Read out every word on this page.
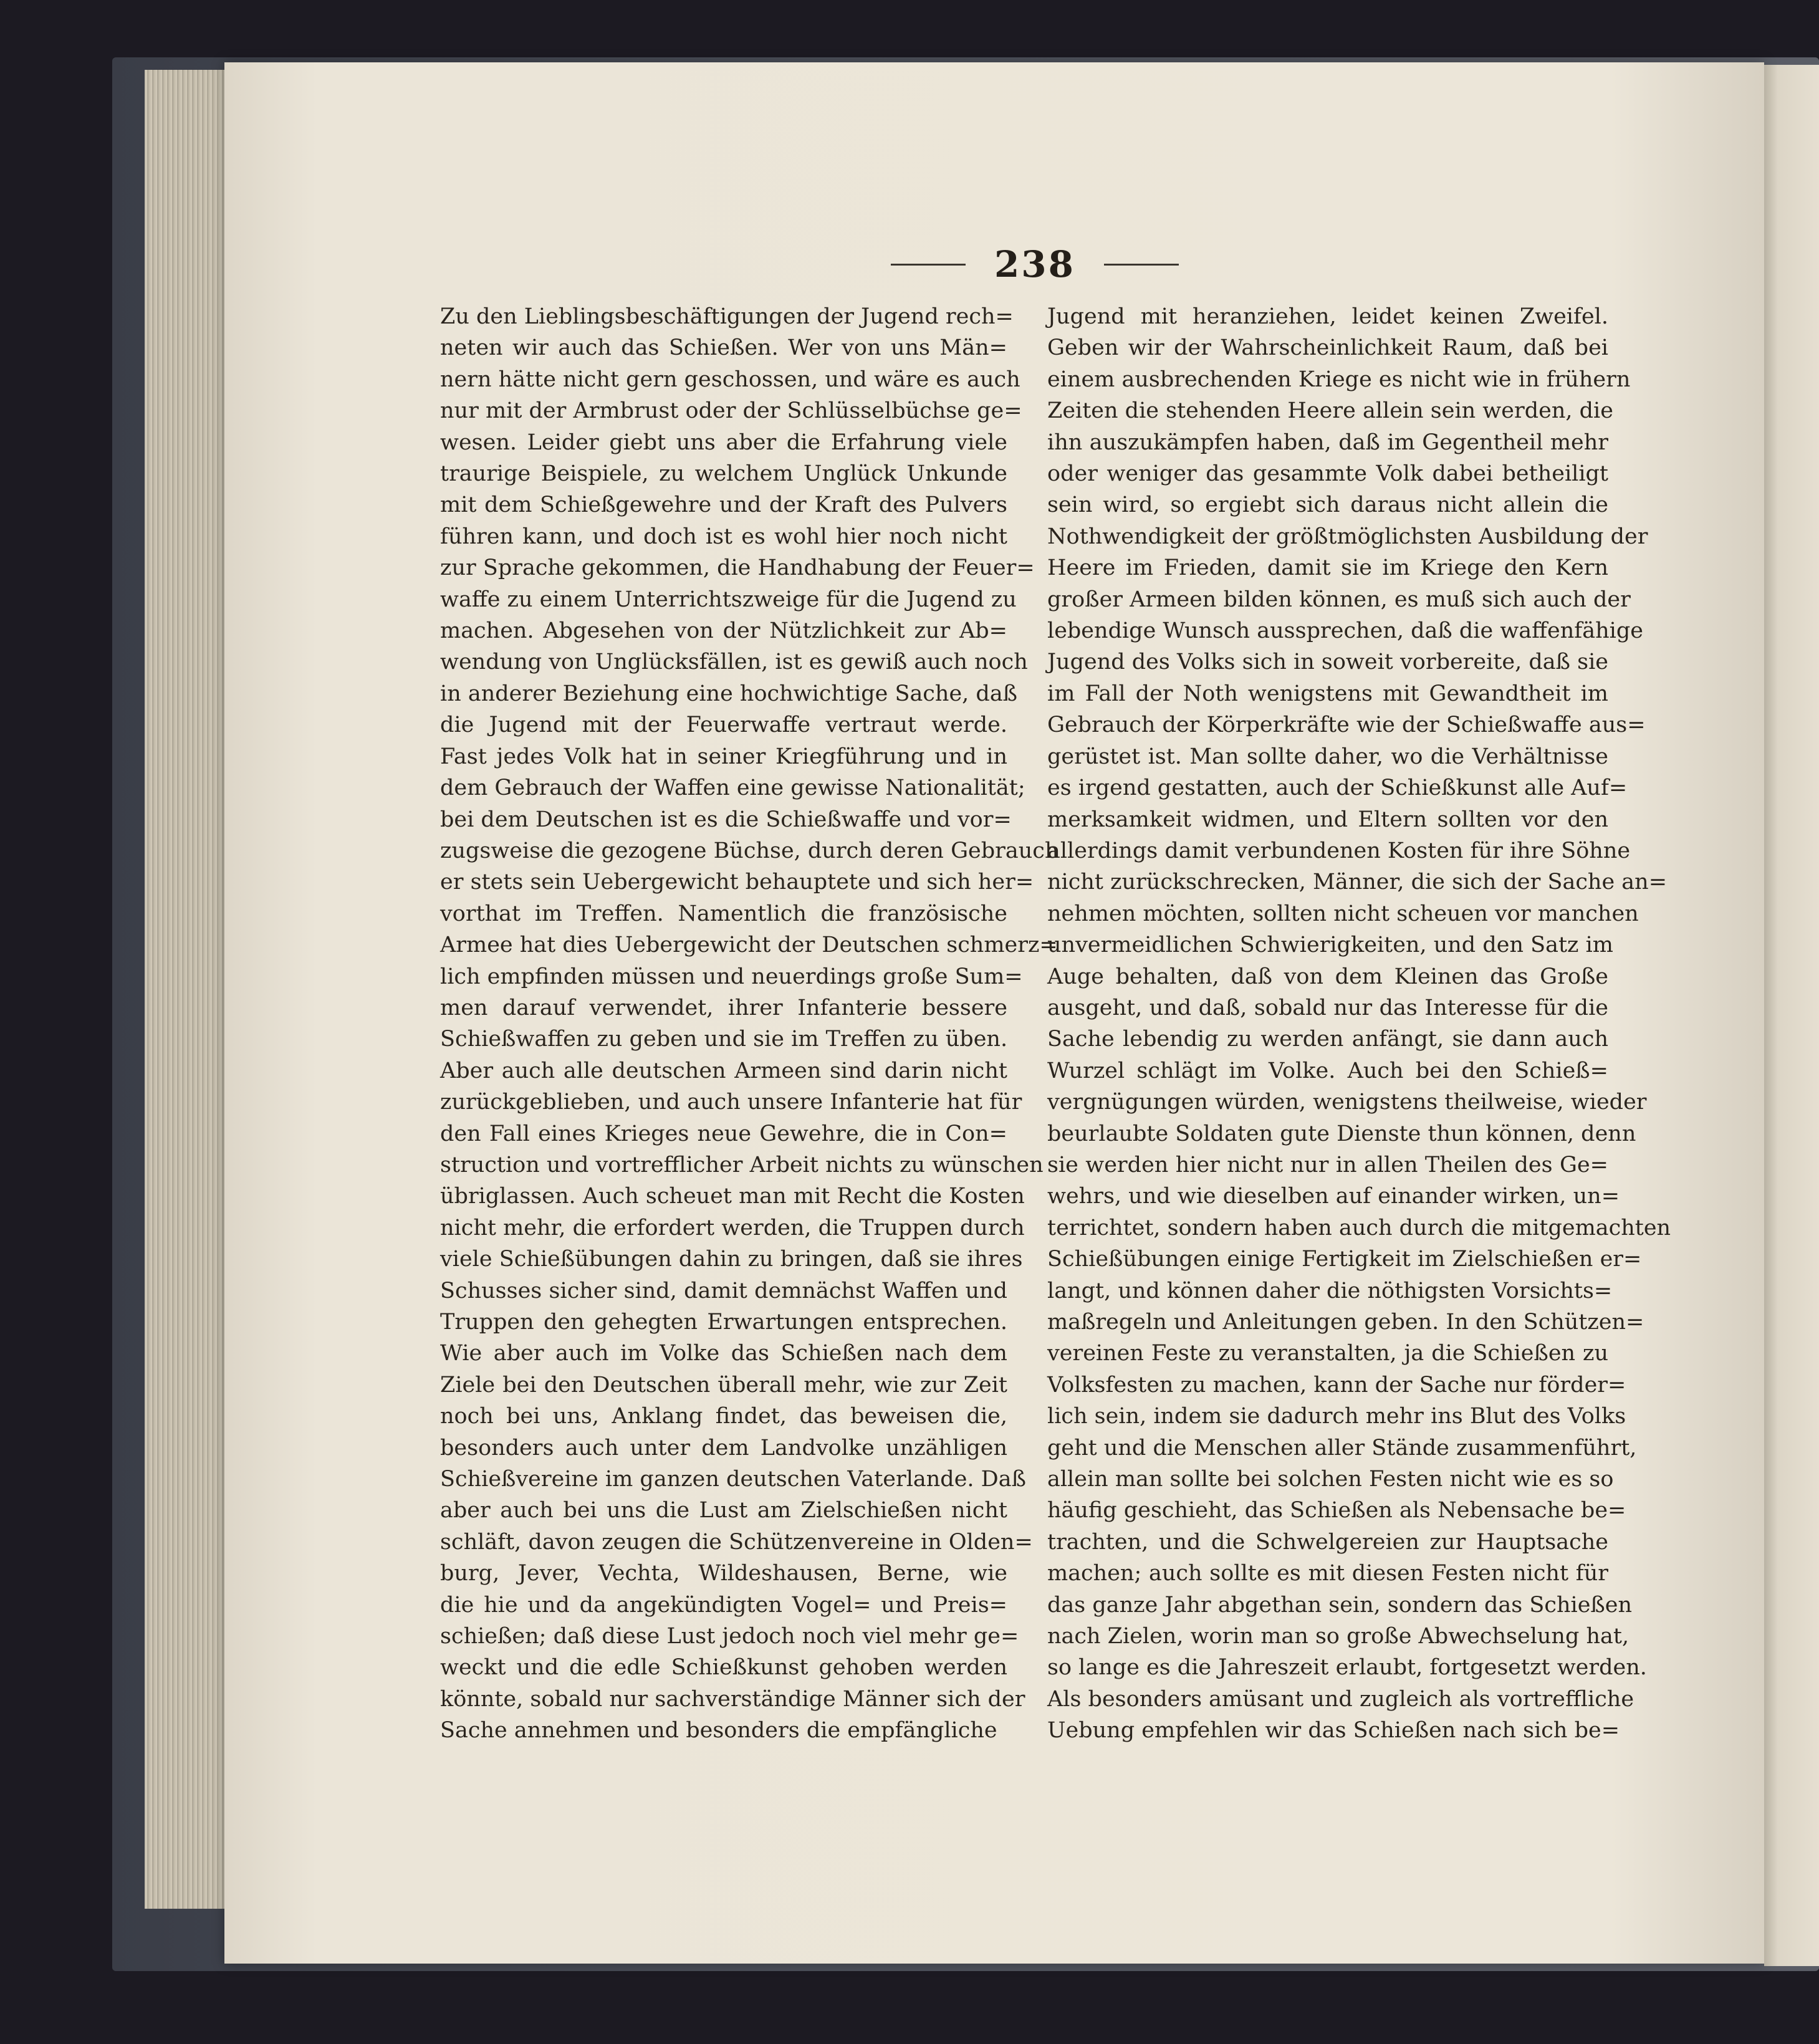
238
Zu den Lieblingsbeschäftigungen der Jugend rech=
neten wir auch das Schießen. Wer von uns Män=
nern hätte nicht gern geschossen, und wäre es auch
nur mit der Armbrust oder der Schlüsselbüchse ge=
wesen. Leider giebt uns aber die Erfahrung viele
traurige Beispiele, zu welchem Unglück Unkunde
mit dem Schießgewehre und der Kraft des Pulvers
führen kann, und doch ist es wohl hier noch nicht
zur Sprache gekommen, die Handhabung der Feuer=
waffe zu einem Unterrichtszweige für die Jugend zu
machen. Abgesehen von der Nützlichkeit zur Ab=
wendung von Unglücksfällen, ist es gewiß auch noch
in anderer Beziehung eine hochwichtige Sache, daß
die Jugend mit der Feuerwaffe vertraut werde.
Fast jedes Volk hat in seiner Kriegführung und in
dem Gebrauch der Waffen eine gewisse Nationalität;
bei dem Deutschen ist es die Schießwaffe und vor=
zugsweise die gezogene Büchse, durch deren Gebrauch
er stets sein Uebergewicht behauptete und sich her=
vorthat im Treffen. Namentlich die französische
Armee hat dies Uebergewicht der Deutschen schmerz=
lich empfinden müssen und neuerdings große Sum=
men darauf verwendet, ihrer Infanterie bessere
Schießwaffen zu geben und sie im Treffen zu üben.
Aber auch alle deutschen Armeen sind darin nicht
zurückgeblieben, und auch unsere Infanterie hat für
den Fall eines Krieges neue Gewehre, die in Con=
struction und vortrefflicher Arbeit nichts zu wünschen
übriglassen. Auch scheuet man mit Recht die Kosten
nicht mehr, die erfordert werden, die Truppen durch
viele Schießübungen dahin zu bringen, daß sie ihres
Schusses sicher sind, damit demnächst Waffen und
Truppen den gehegten Erwartungen entsprechen.
Wie aber auch im Volke das Schießen nach dem
Ziele bei den Deutschen überall mehr, wie zur Zeit
noch bei uns, Anklang findet, das beweisen die,
besonders auch unter dem Landvolke unzähligen
Schießvereine im ganzen deutschen Vaterlande. Daß
aber auch bei uns die Lust am Zielschießen nicht
schläft, davon zeugen die Schützenvereine in Olden=
burg, Jever, Vechta, Wildeshausen, Berne, wie
die hie und da angekündigten Vogel= und Preis=
schießen; daß diese Lust jedoch noch viel mehr ge=
weckt und die edle Schießkunst gehoben werden
könnte, sobald nur sachverständige Männer sich der
Sache annehmen und besonders die empfängliche
Jugend mit heranziehen, leidet keinen Zweifel.
Geben wir der Wahrscheinlichkeit Raum, daß bei
einem ausbrechenden Kriege es nicht wie in frühern
Zeiten die stehenden Heere allein sein werden, die
ihn auszukämpfen haben, daß im Gegentheil mehr
oder weniger das gesammte Volk dabei betheiligt
sein wird, so ergiebt sich daraus nicht allein die
Nothwendigkeit der größtmöglichsten Ausbildung der
Heere im Frieden, damit sie im Kriege den Kern
großer Armeen bilden können, es muß sich auch der
lebendige Wunsch aussprechen, daß die waffenfähige
Jugend des Volks sich in soweit vorbereite, daß sie
im Fall der Noth wenigstens mit Gewandtheit im
Gebrauch der Körperkräfte wie der Schießwaffe aus=
gerüstet ist. Man sollte daher, wo die Verhältnisse
es irgend gestatten, auch der Schießkunst alle Auf=
merksamkeit widmen, und Eltern sollten vor den
allerdings damit verbundenen Kosten für ihre Söhne
nicht zurückschrecken, Männer, die sich der Sache an=
nehmen möchten, sollten nicht scheuen vor manchen
unvermeidlichen Schwierigkeiten, und den Satz im
Auge behalten, daß von dem Kleinen das Große
ausgeht, und daß, sobald nur das Interesse für die
Sache lebendig zu werden anfängt, sie dann auch
Wurzel schlägt im Volke. Auch bei den Schieß=
vergnügungen würden, wenigstens theilweise, wieder
beurlaubte Soldaten gute Dienste thun können, denn
sie werden hier nicht nur in allen Theilen des Ge=
wehrs, und wie dieselben auf einander wirken, un=
terrichtet, sondern haben auch durch die mitgemachten
Schießübungen einige Fertigkeit im Zielschießen er=
langt, und können daher die nöthigsten Vorsichts=
maßregeln und Anleitungen geben. In den Schützen=
vereinen Feste zu veranstalten, ja die Schießen zu
Volksfesten zu machen, kann der Sache nur förder=
lich sein, indem sie dadurch mehr ins Blut des Volks
geht und die Menschen aller Stände zusammenführt,
allein man sollte bei solchen Festen nicht wie es so
häufig geschieht, das Schießen als Nebensache be=
trachten, und die Schwelgereien zur Hauptsache
machen; auch sollte es mit diesen Festen nicht für
das ganze Jahr abgethan sein, sondern das Schießen
nach Zielen, worin man so große Abwechselung hat,
so lange es die Jahreszeit erlaubt, fortgesetzt werden.
Als besonders amüsant und zugleich als vortreffliche
Uebung empfehlen wir das Schießen nach sich be=
